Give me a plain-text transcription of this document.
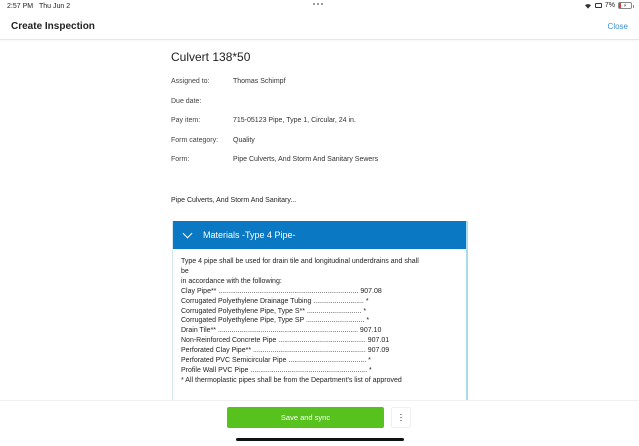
2:57 PM Thu Jun 2	7%	⚡
Create Inspection	Close
Culvert 138*50
Assigned to:	Thomas Schimpf
Due date:
Pay item:	715-05123 Pipe, Type 1, Circular, 24 in.
Form category:	Quality
Form:	Pipe Culverts, And Storm And Sanitary Sewers
Pipe Culverts, And Storm And Sanitary...
Materials -Type 4 Pipe-
Type 4 pipe shall be used for drain tile and longitudinal underdrains and shall
be
in accordance with the following:
Clay Pipe** ........................................................................ 907.08
Corrugated Polyethylene Drainage Tubing .......................... *
Corrugated Polyethylene Pipe, Type S** ............................ *
Corrugated Polyethylene Pipe, Type SP .............................. *
Drain Tile** ........................................................................ 907.10
Non-Reinforced Concrete Pipe ............................................. 907.01
Perforated Clay Pipe** .......................................................... 907.09
Perforated PVC Semicircular Pipe ........................................ *
Profile Wall PVC Pipe ............................................................ *
* All thermoplastic pipes shall be from the Department's list of approved
Save and sync
